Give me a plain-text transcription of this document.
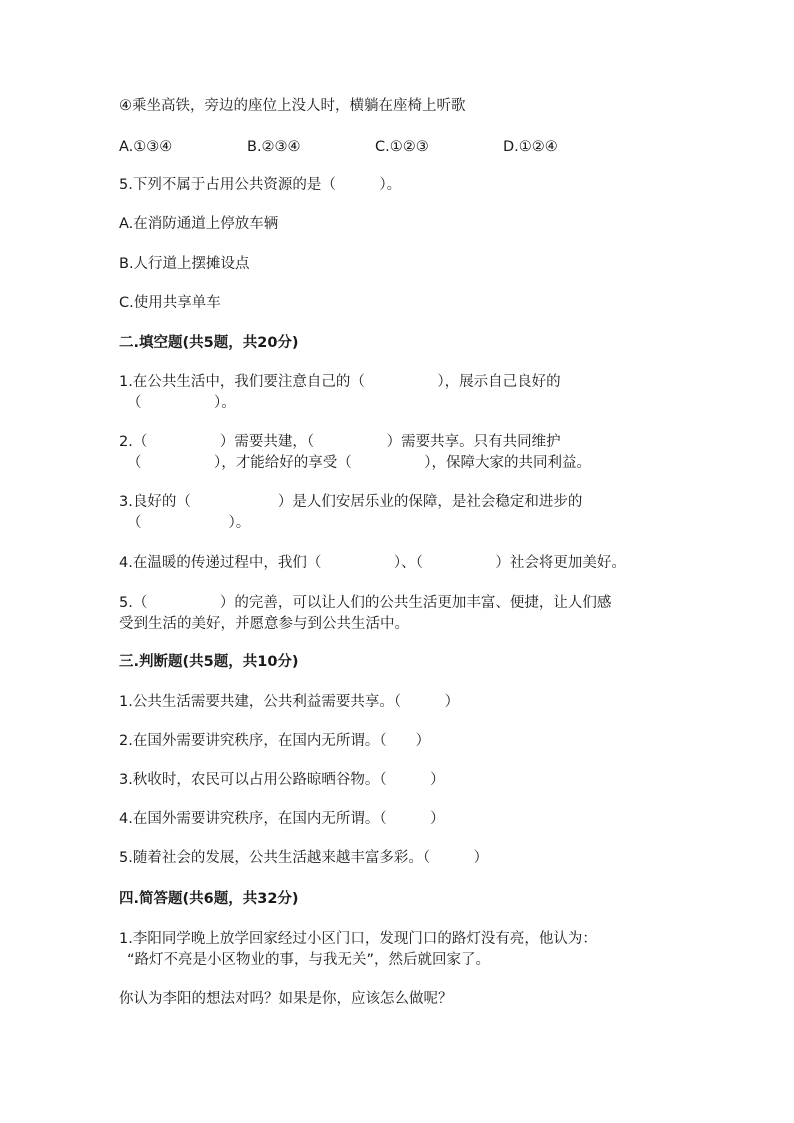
④乘坐高铁，旁边的座位上没人时，横躺在座椅上听歌
A.①③④	B.②③④	C.①②③	D.①②④
5.下列不属于占用公共资源的是（　　　）。
A.在消防通道上停放车辆
B.人行道上摆摊设点
C.使用共享单车
二.填空题(共5题，共20分)
1.在公共生活中，我们要注意自己的（　　　　　），展示自己良好的
（　　　　　）。
2.（　　　　　）需要共建，（　　　　　）需要共享。只有共同维护
（　　　　　），才能给好的享受（　　　　　），保障大家的共同利益。
3.良好的（　　　　　　）是人们安居乐业的保障，是社会稳定和进步的
（　　　　　　）。
4.在温暖的传递过程中，我们（　　　　　）、（　　　　　）社会将更加美好。
5.（　　　　　）的完善，可以让人们的公共生活更加丰富、便捷，让人们感
受到生活的美好，并愿意参与到公共生活中。
三.判断题(共5题，共10分)
1.公共生活需要共建，公共利益需要共享。（　　　）
2.在国外需要讲究秩序，在国内无所谓。（　　）
3.秋收时，农民可以占用公路晾晒谷物。（　　　）
4.在国外需要讲究秩序，在国内无所谓。（　　　）
5.随着社会的发展，公共生活越来越丰富多彩。（　　　）
四.简答题(共6题，共32分)
1.李阳同学晚上放学回家经过小区门口，发现门口的路灯没有亮，他认为：
“路灯不亮是小区物业的事，与我无关”，然后就回家了。
你认为李阳的想法对吗？如果是你，应该怎么做呢？
